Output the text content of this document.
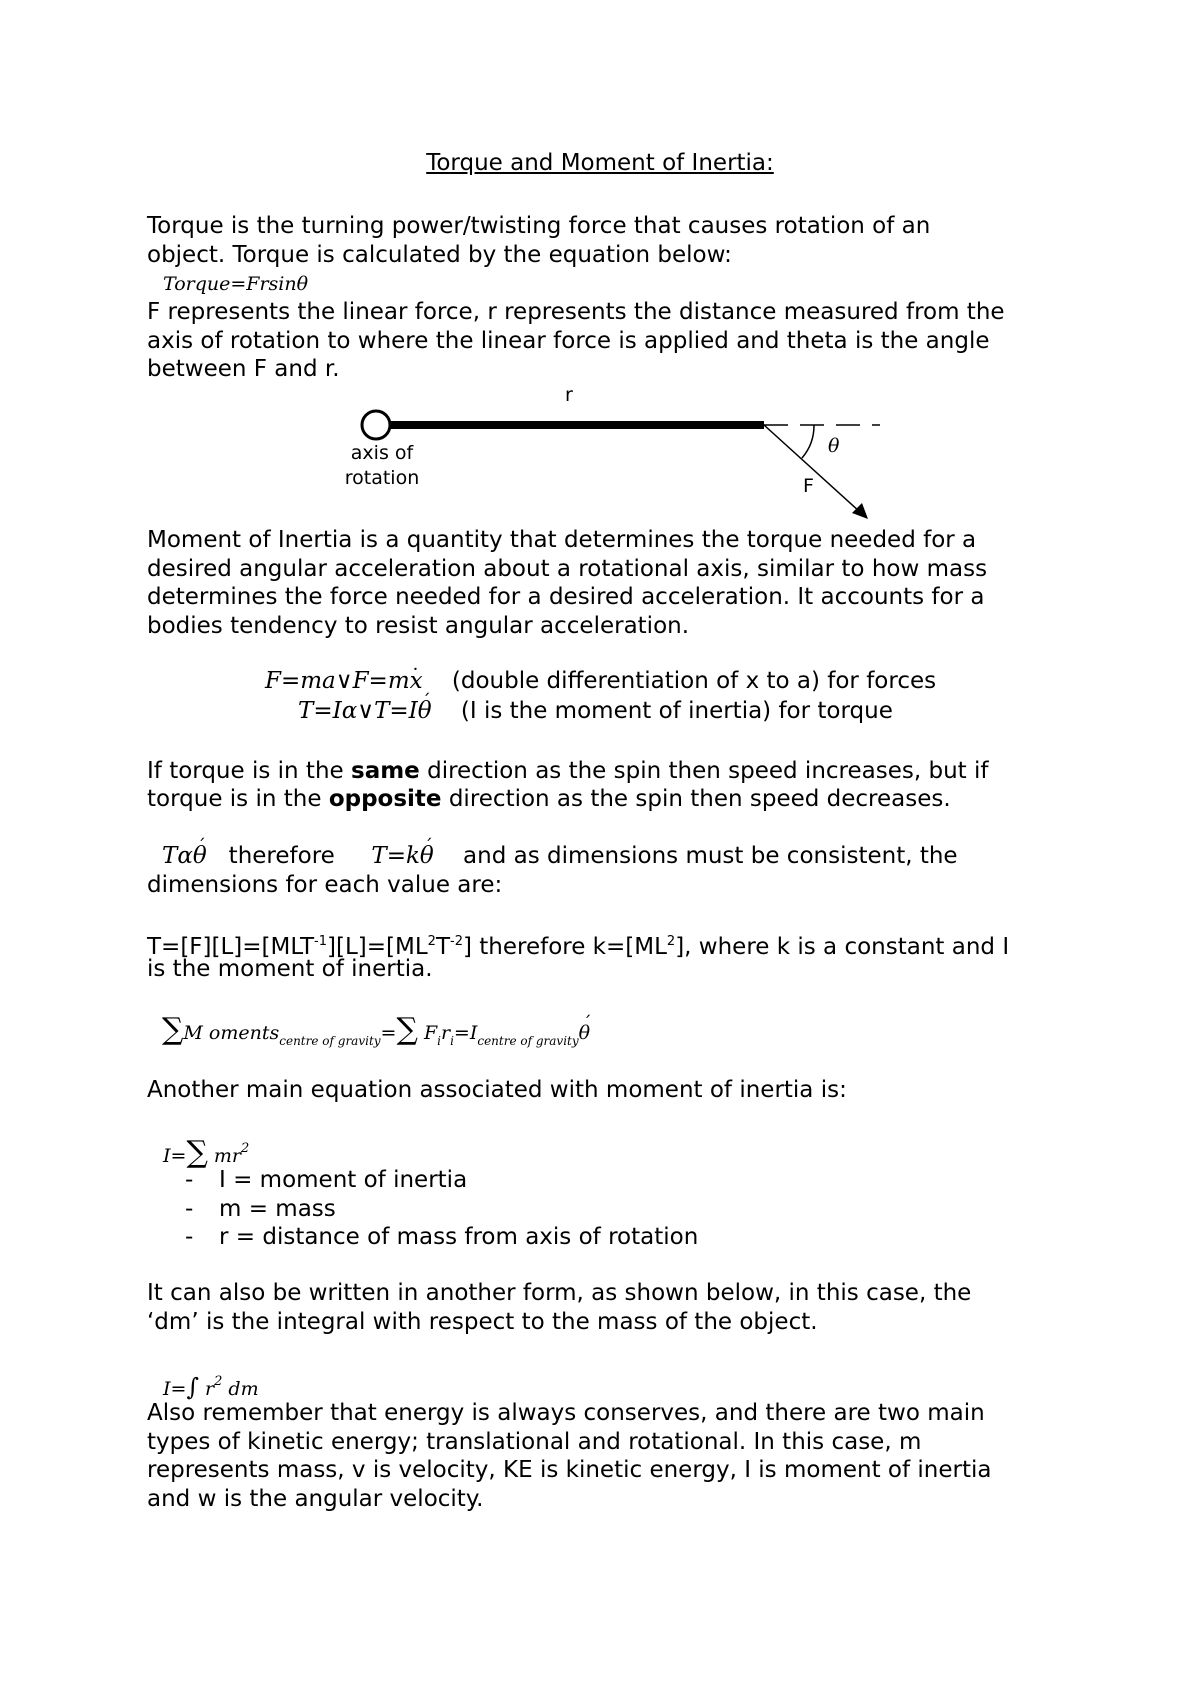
Torque and Moment of Inertia:
Torque is the turning power/twisting force that causes rotation of an
object. Torque is calculated by the equation below:
Torque=Frsinθ
F represents the linear force, r represents the distance measured from the
axis of rotation to where the linear force is applied and theta is the angle
between F and r.
r
axis of
rotation
θ
F
Moment of Inertia is a quantity that determines the torque needed for a
desired angular acceleration about a rotational axis, similar to how mass
determines the force needed for a desired acceleration. It accounts for a
bodies tendency to resist angular acceleration.
F=ma∨F=mx · (double differentiation of x to a) for forces
T=Iα∨T=Iθ ´ (I is the moment of inertia) for torque
If torque is in the same direction as the spin then speed increases, but if
torque is in the opposite direction as the spin then speed decreases.
Tαθ ´ therefore T=kθ ´ and as dimensions must be consistent, the
dimensions for each value are:
$T=[F][L]=[MLT^{-1}][L]=[ML^2T^{-2}]$ therefore $k=[ML^2]$, where k is a constant and I
is the moment of inertia.
∑M oments$_{centre of gravity}$=∑ $F_ir_i=I_{centre of gravity}\theta$ ´
Another main equation associated with moment of inertia is:
I=∑ $mr^2$
- I = moment of inertia
- m = mass
- r = distance of mass from axis of rotation
It can also be written in another form, as shown below, in this case, the
‘dm’ is the integral with respect to the mass of the object.
I=∫ $r^2$ dm
Also remember that energy is always conserves, and there are two main
types of kinetic energy; translational and rotational. In this case, m
represents mass, v is velocity, KE is kinetic energy, I is moment of inertia
and w is the angular velocity.
